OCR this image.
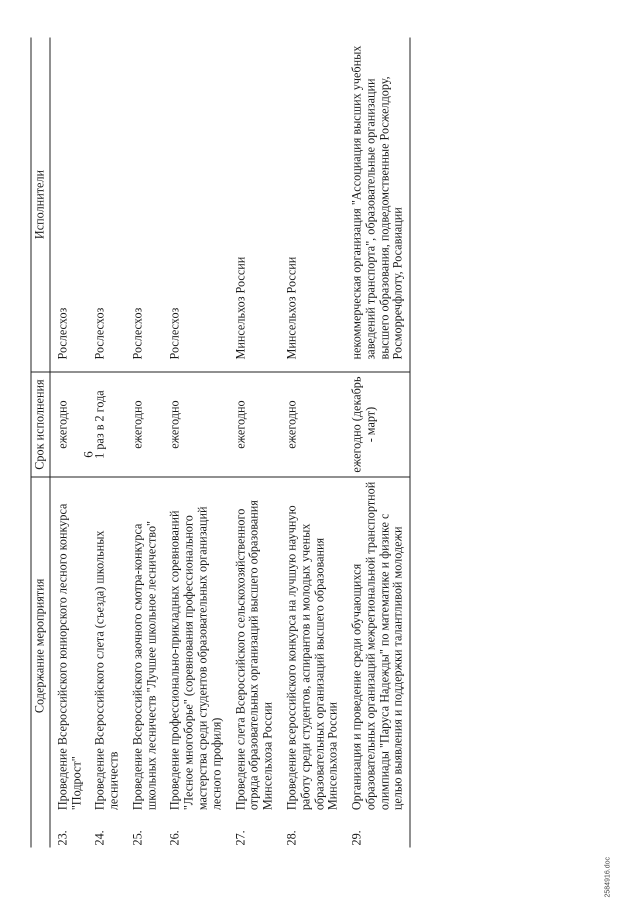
6
	Содержание мероприятия	Срок исполнения	Исполнители
23.	Проведение Всероссийского юниорского лесного конкурса "Подрост"	ежегодно	Рослесхоз
24.	Проведение Всероссийского слета (съезда) школьных лесничеств	1 раз в 2 года	Рослесхоз
25.	Проведение Всероссийского заочного смотра-конкурса школьных лесничеств "Лучшее школьное лесничество"	ежегодно	Рослесхоз
26.	Проведение профессионально-прикладных соревнований "Лесное многоборье" (соревнования профессионального мастерства среди студентов образовательных организаций лесного профиля)	ежегодно	Рослесхоз
27.	Проведение слета Всероссийского сельскохозяйственного отряда образовательных организаций высшего образования Минсельхоза России	ежегодно	Минсельхоз России
28.	Проведение всероссийского конкурса на лучшую научную работу среди студентов, аспирантов и молодых ученых образовательных организаций высшего образования Минсельхоза России	ежегодно	Минсельхоз России
29.	Организация и проведение среди обучающихся образовательных организаций межрегиональной транспортной олимпиады "Паруса Надежды" по математике и физике с целью выявления и поддержки талантливой молодежи	ежегодно (декабрь - март)	некоммерческая организация "Ассоциация высших учебных заведений транспорта", образовательные организации высшего образования, подведомственные Росжелдору, Росморречфлоту, Росавиации
2584916.doc
